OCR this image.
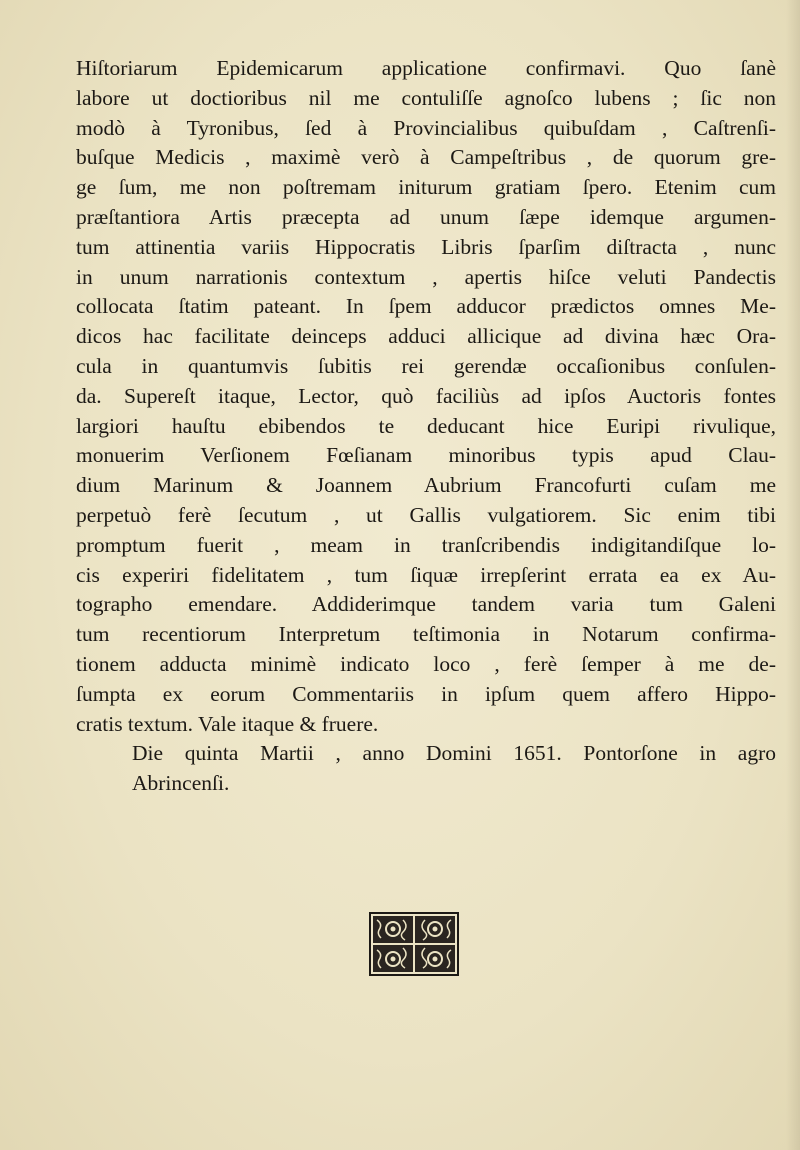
Hiſtoriarum Epidemicarum applicatione confirmavi. Quo ſanè
labore ut doctioribus nil me contuliſſe agnoſco lubens ; ſic non
modò à Tyronibus, ſed à Provincialibus quibuſdam , Caſtrenſi-
buſque Medicis , maximè verò à Campeſtribus , de quorum gre-
ge ſum, me non poſtremam initurum gratiam ſpero. Etenim cum
præſtantiora Artis præcepta ad unum ſæpe idemque argumen-
tum attinentia variis Hippocratis Libris ſparſim diſtracta , nunc
in unum narrationis contextum , apertis hiſce veluti Pandectis
collocata ſtatim pateant. In ſpem adducor prædictos omnes Me-
dicos hac facilitate deinceps adduci allicique ad divina hæc Ora-
cula in quantumvis ſubitis rei gerendæ occaſionibus conſulen-
da. Supereſt itaque, Lector, quò faciliùs ad ipſos Auctoris fontes
largiori hauſtu ebibendos te deducant hice Euripi rivulique,
monuerim Verſionem Fœſianam minoribus typis apud Clau-
dium Marinum & Joannem Aubrium Francofurti cuſam me
perpetuò ferè ſecutum , ut Gallis vulgatiorem. Sic enim tibi
promptum fuerit , meam in tranſcribendis indigitandiſque lo-
cis experiri fidelitatem , tum ſiquæ irrepſerint errata ea ex Au-
tographo emendare. Addiderimque tandem varia tum Galeni
tum recentiorum Interpretum teſtimonia in Notarum confirma-
tionem adducta minimè indicato loco , ferè ſemper à me de-
ſumpta ex eorum Commentariis in ipſum quem affero Hippo-
cratis textum. Vale itaque & fruere.
Die quinta Martii , anno Domini 1651. Pontorſone in agro
Abrincenſi.
